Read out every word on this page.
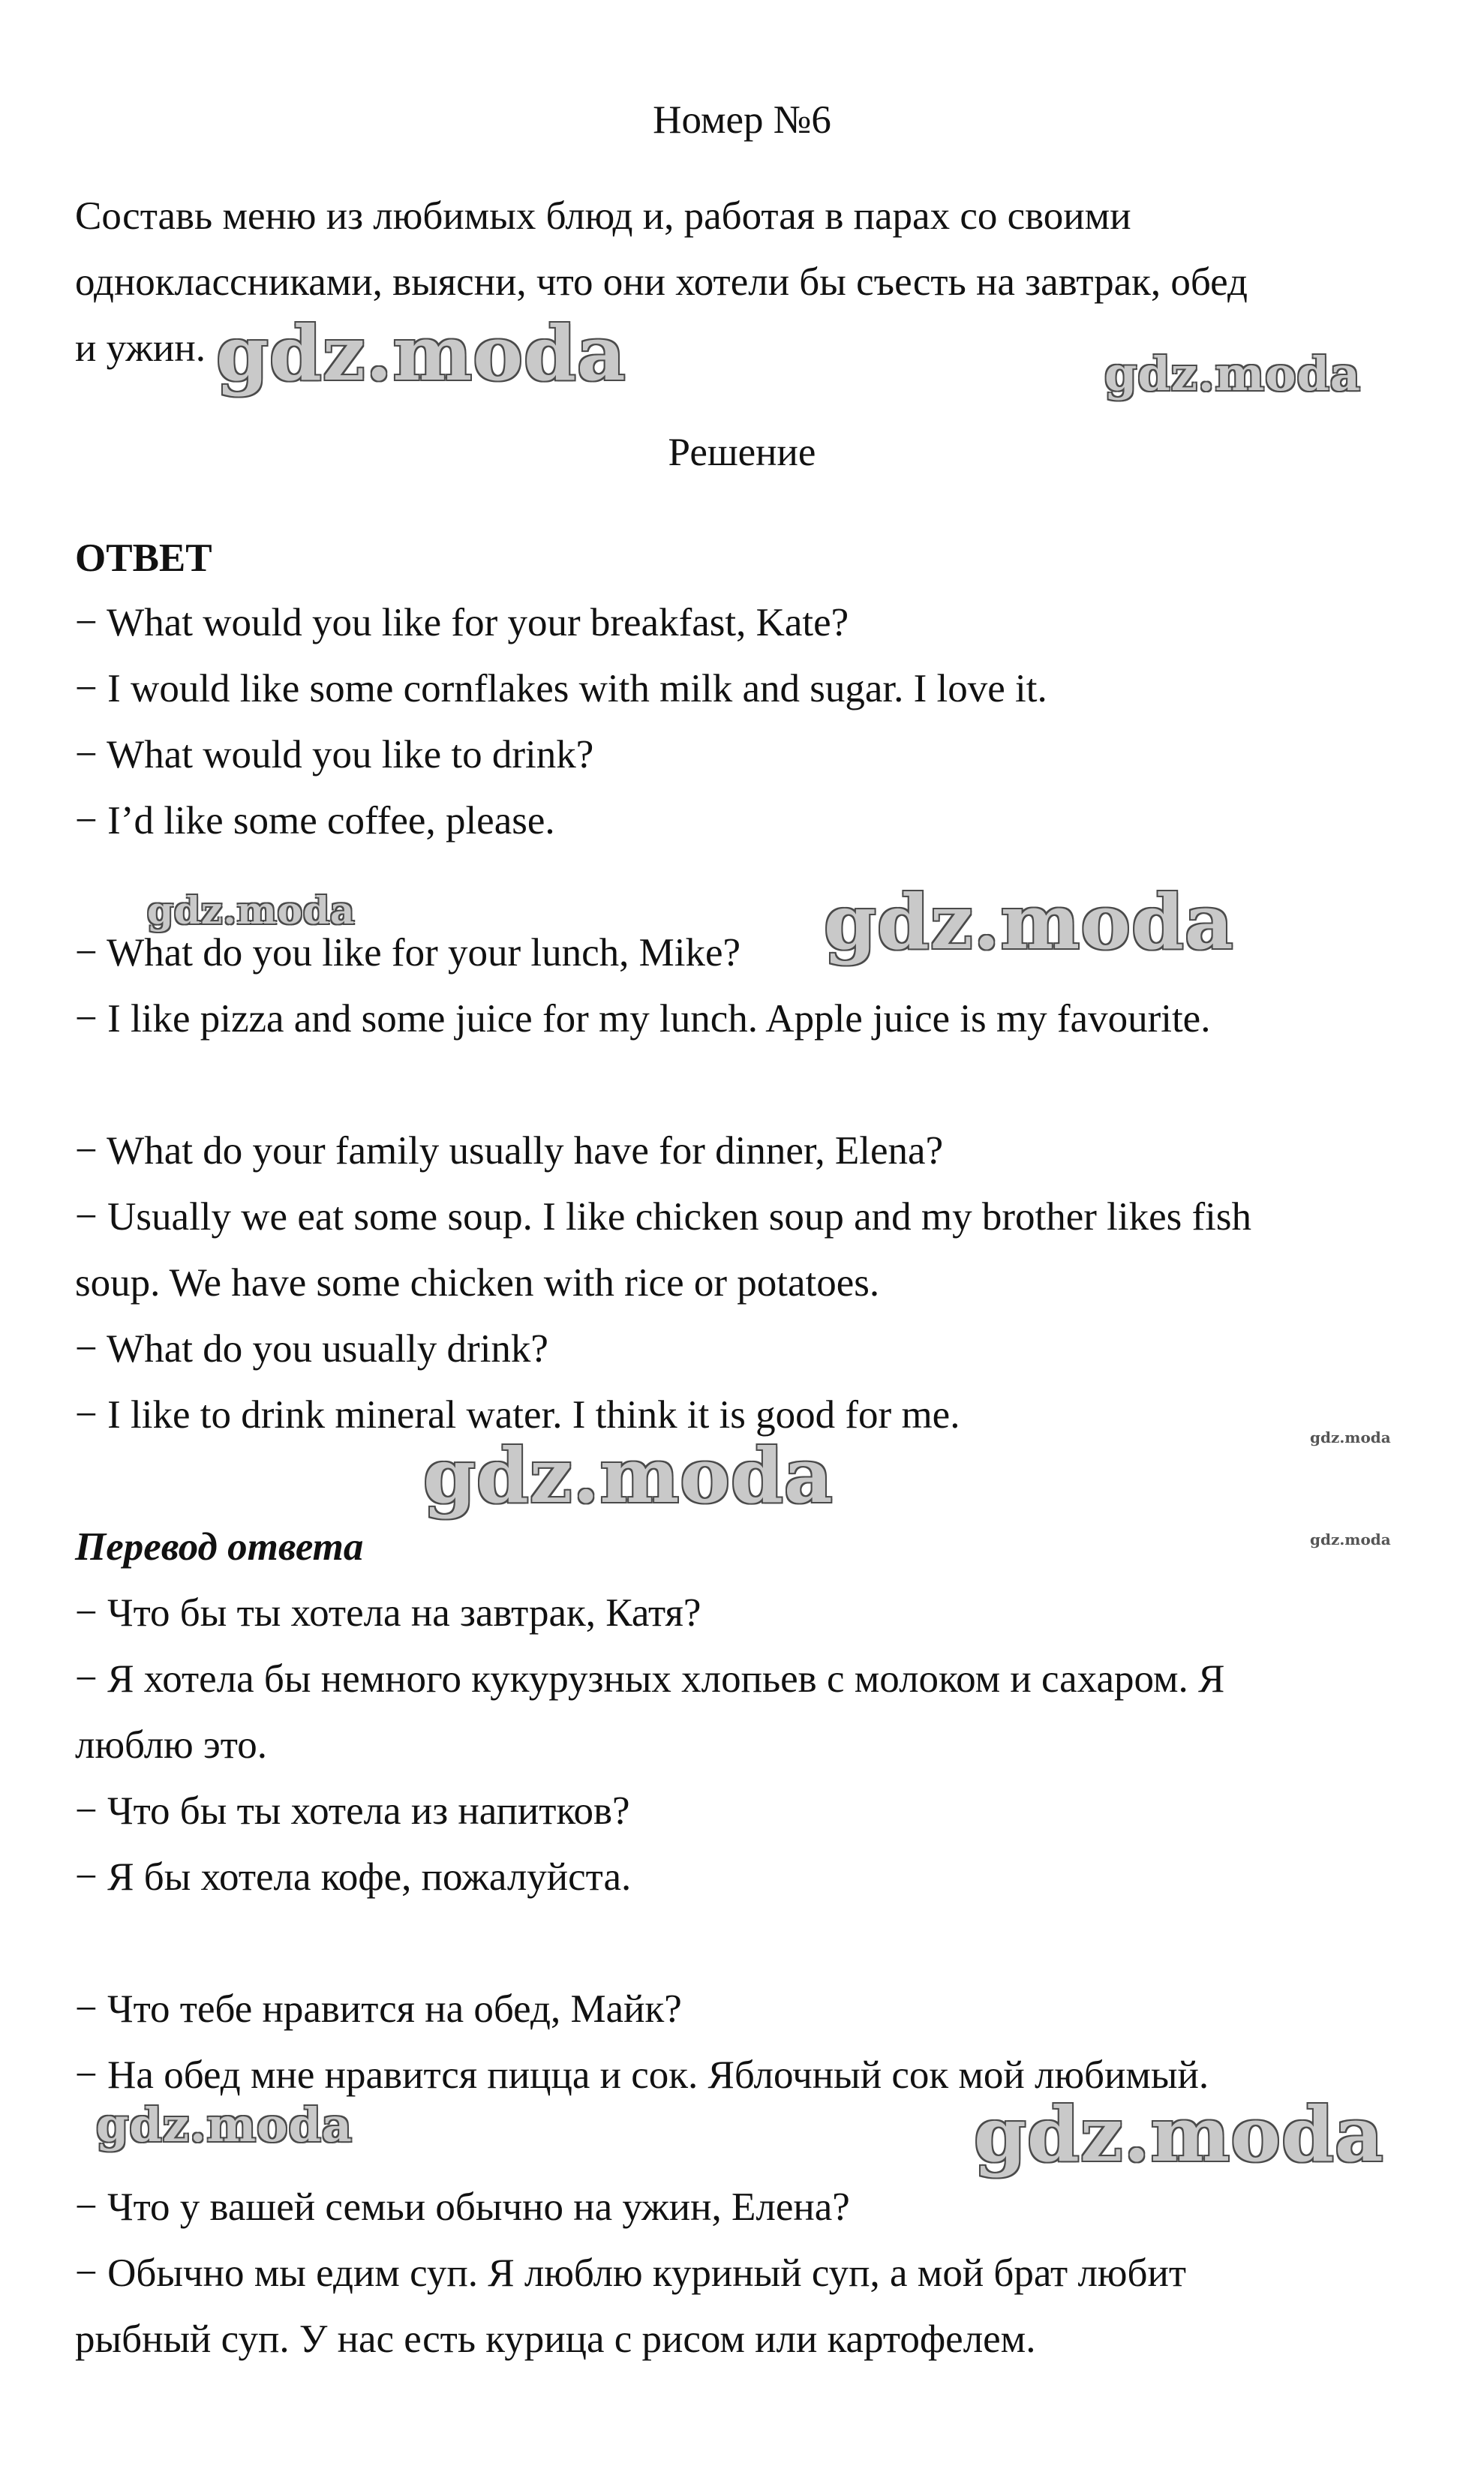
Номер №6
Составь меню из любимых блюд и, работая в парах со своими
одноклассниками, выясни, что они хотели бы съесть на завтрак, обед
и ужин.
Решение
ОТВЕТ
− What would you like for your breakfast, Kate?
− I would like some cornflakes with milk and sugar. I love it.
− What would you like to drink?
− I’d like some coffee, please.
− What do you like for your lunch, Mike?
− I like pizza and some juice for my lunch. Apple juice is my favourite.
− What do your family usually have for dinner, Elena?
− Usually we eat some soup. I like chicken soup and my brother likes fish
soup. We have some chicken with rice or potatoes.
− What do you usually drink?
− I like to drink mineral water. I think it is good for me.
Перевод ответа
− Что бы ты хотела на завтрак, Катя?
− Я хотела бы немного кукурузных хлопьев с молоком и сахаром. Я
люблю это.
− Что бы ты хотела из напитков?
− Я бы хотела кофе, пожалуйста.
− Что тебе нравится на обед, Майк?
− На обед мне нравится пицца и сок. Яблочный сок мой любимый.
− Что у вашей семьи обычно на ужин, Елена?
− Обычно мы едим суп. Я люблю куриный суп, а мой брат любит
рыбный суп. У нас есть курица с рисом или картофелем.
gdz.moda	gdz.moda
gdz.moda	gdz.moda
gdz.moda
gdz.moda
gdz.moda
gdz.moda	gdz.moda
